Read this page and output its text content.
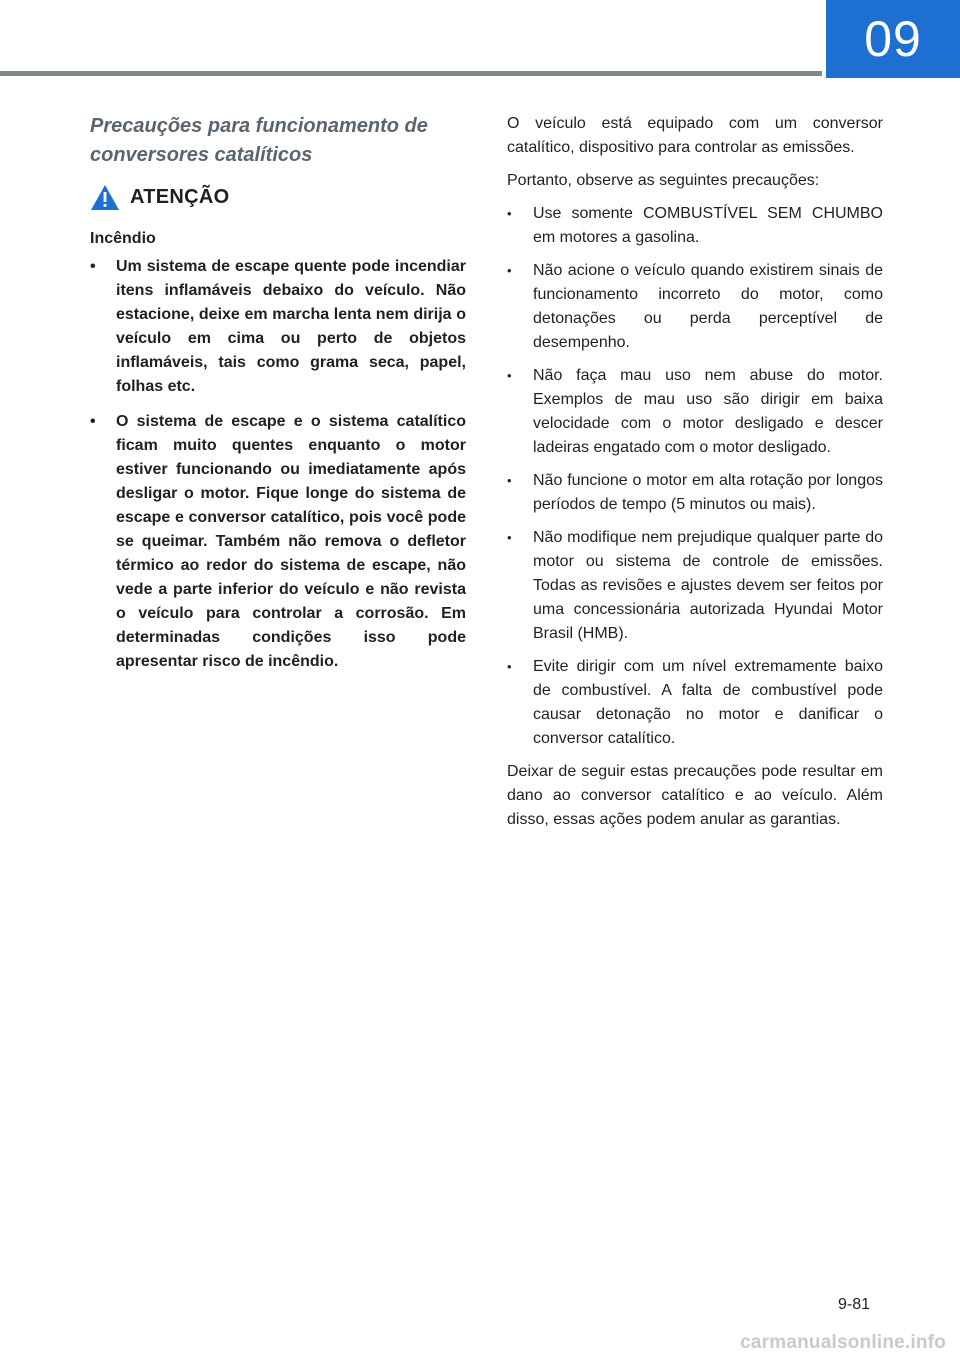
09
Precauções para funcionamento de conversores catalíticos
ATENÇÃO
Incêndio
• Um sistema de escape quente pode incendiar itens inflamáveis debaixo do veículo. Não estacione, deixe em marcha lenta nem dirija o veículo em cima ou perto de objetos inflamáveis, tais como grama seca, papel, folhas etc.
• O sistema de escape e o sistema catalítico ficam muito quentes enquanto o motor estiver funcionando ou imediatamente após desligar o motor. Fique longe do sistema de escape e conversor catalítico, pois você pode se queimar. Também não remova o defletor térmico ao redor do sistema de escape, não vede a parte inferior do veículo e não revista o veículo para controlar a corrosão. Em determinadas condições isso pode apresentar risco de incêndio.

O veículo está equipado com um conversor catalítico, dispositivo para controlar as emissões.

Portanto, observe as seguintes precauções:

• Use somente COMBUSTÍVEL SEM CHUMBO em motores a gasolina.
• Não acione o veículo quando existirem sinais de funcionamento incorreto do motor, como detonações ou perda perceptível de desempenho.
• Não faça mau uso nem abuse do motor. Exemplos de mau uso são dirigir em baixa velocidade com o motor desligado e descer ladeiras engatado com o motor desligado.
• Não funcione o motor em alta rotação por longos períodos de tempo (5 minutos ou mais).
• Não modifique nem prejudique qualquer parte do motor ou sistema de controle de emissões. Todas as revisões e ajustes devem ser feitos por uma concessionária autorizada Hyundai Motor Brasil (HMB).
• Evite dirigir com um nível extremamente baixo de combustível. A falta de combustível pode causar detonação no motor e danificar o conversor catalítico.

Deixar de seguir estas precauções pode resultar em dano ao conversor catalítico e ao veículo. Além disso, essas ações podem anular as garantias.

9-81
carmanualsonline.info
